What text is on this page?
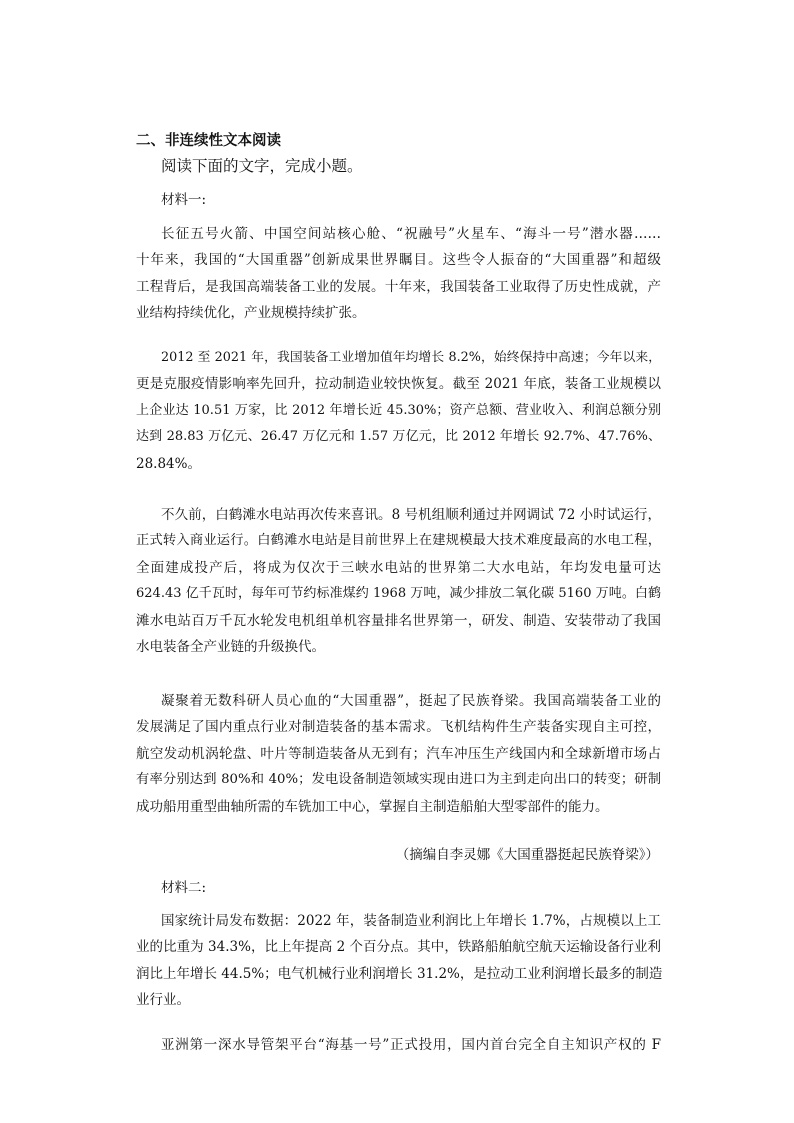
二、非连续性文本阅读
阅读下面的文字，完成小题。
材料一:
长征五号火箭、中国空间站核心舱、“祝融号”火星车、“海斗一号”潜水器……
十年来，我国的“大国重器”创新成果世界瞩目。这些令人振奋的“大国重器”和超级
工程背后，是我国高端装备工业的发展。十年来，我国装备工业取得了历史性成就，产
业结构持续优化，产业规模持续扩张。
2012 至 2021 年，我国装备工业增加值年均增长 8.2%，始终保持中高速；今年以来，
更是克服疫情影响率先回升，拉动制造业较快恢复。截至 2021 年底，装备工业规模以
上企业达 10.51 万家，比 2012 年增长近 45.30%；资产总额、营业收入、利润总额分别
达到 28.83 万亿元、26.47 万亿元和 1.57 万亿元，比 2012 年增长 92.7%、47.76%、
28.84%。
不久前，白鹤滩水电站再次传来喜讯。8 号机组顺利通过并网调试 72 小时试运行，
正式转入商业运行。白鹤滩水电站是目前世界上在建规模最大技术难度最高的水电工程，
全面建成投产后，将成为仅次于三峡水电站的世界第二大水电站，年均发电量可达
624.43 亿千瓦时，每年可节约标准煤约 1968 万吨，减少排放二氧化碳 5160 万吨。白鹤
滩水电站百万千瓦水轮发电机组单机容量排名世界第一，研发、制造、安装带动了我国
水电装备全产业链的升级换代。
凝聚着无数科研人员心血的“大国重器”，挺起了民族脊梁。我国高端装备工业的
发展满足了国内重点行业对制造装备的基本需求。飞机结构件生产装备实现自主可控，
航空发动机涡轮盘、叶片等制造装备从无到有；汽车冲压生产线国内和全球新增市场占
有率分别达到 80%和 40%；发电设备制造领域实现由进口为主到走向出口的转变；研制
成功船用重型曲轴所需的车铣加工中心，掌握自主制造船舶大型零部件的能力。
（摘编自李灵娜《大国重器挺起民族脊梁》）
材料二:
国家统计局发布数据：2022 年，装备制造业利润比上年增长 1.7%，占规模以上工
业的比重为 34.3%，比上年提高 2 个百分点。其中，铁路船舶航空航天运输设备行业利
润比上年增长 44.5%；电气机械行业利润增长 31.2%，是拉动工业利润增长最多的制造
业行业。
亚洲第一深水导管架平台“海基一号”正式投用，国内首台完全自主知识产权的 F
